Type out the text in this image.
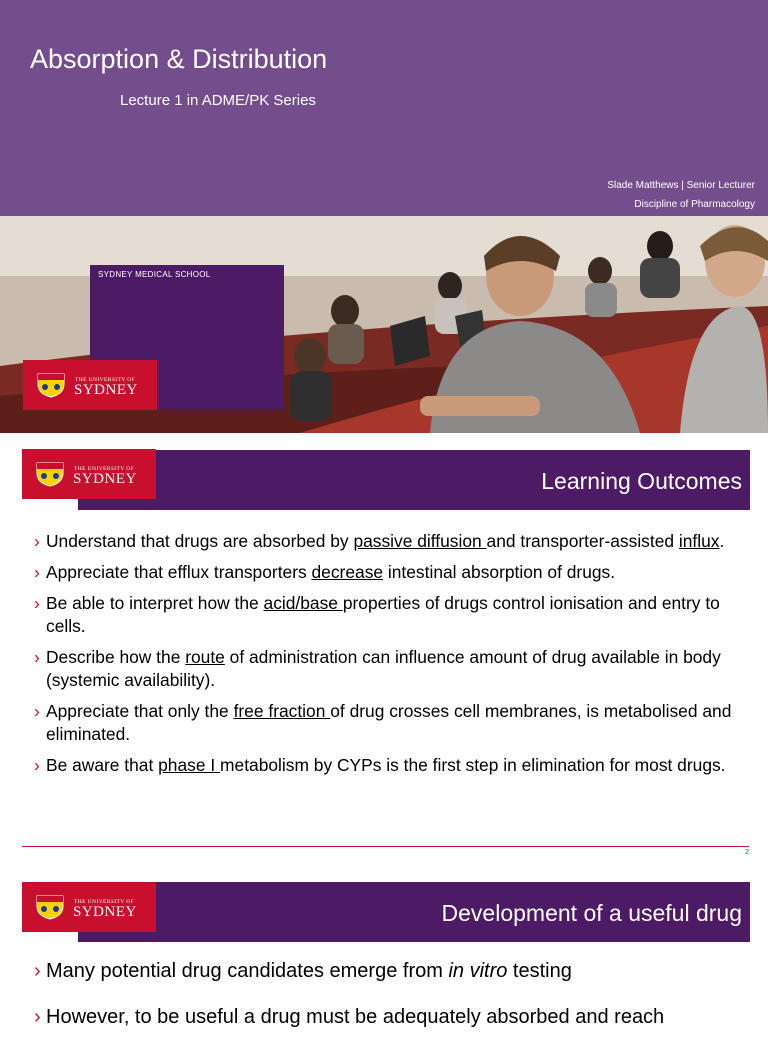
Absorption & Distribution
Lecture 1 in ADME/PK Series
Slade Matthews | Senior Lecturer
Discipline of Pharmacology
SYDNEY MEDICAL SCHOOL
THE UNIVERSITY OF
SYDNEY
Learning Outcomes
THE UNIVERSITY OF
SYDNEY
› Understand that drugs are absorbed by passive diffusion and transporter-assisted influx.
› Appreciate that efflux transporters decrease intestinal absorption of drugs.
› Be able to interpret how the acid/base properties of drugs control ionisation and entry to cells.
› Describe how the route of administration can influence amount of drug available in body (systemic availability).
› Appreciate that only the free fraction of drug crosses cell membranes, is metabolised and eliminated.
› Be aware that phase I metabolism by CYPs is the first step in elimination for most drugs.
2
Development of a useful drug
THE UNIVERSITY OF
SYDNEY
› Many potential drug candidates emerge from in vitro testing
› However, to be useful a drug must be adequately absorbed and reach
